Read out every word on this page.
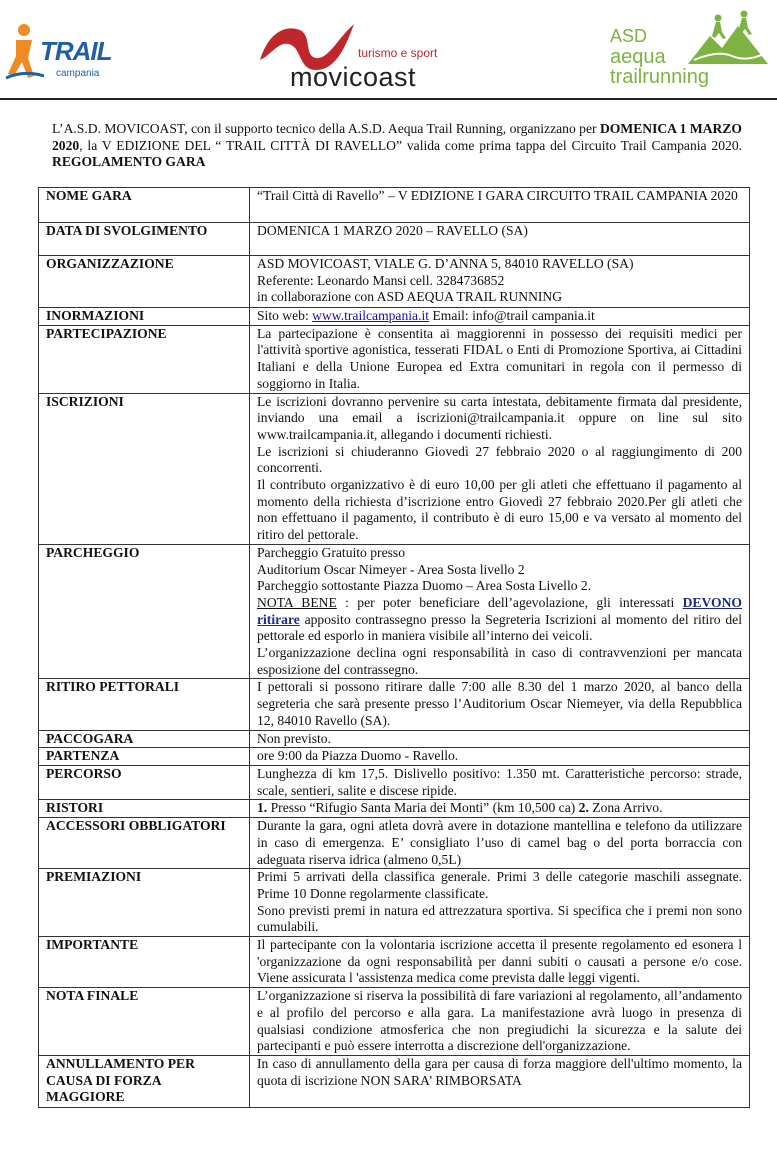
TRAIL
campania
turismo e sport
movicoast
ASD
aequa
trailrunning
L’A.S.D. MOVICOAST, con il supporto tecnico della A.S.D. Aequa Trail Running, organizzano per DOMENICA 1 MARZO 2020, la V EDIZIONE DEL “ TRAIL CITTÀ DI RAVELLO” valida come prima tappa del Circuito Trail Campania 2020. REGOLAMENTO GARA
NOME GARA	“Trail Città di Ravello” – V EDIZIONE I GARA CIRCUITO TRAIL CAMPANIA 2020
DATA DI SVOLGIMENTO	DOMENICA 1 MARZO 2020 – RAVELLO (SA)
ORGANIZZAZIONE	ASD MOVICOAST, VIALE G. D’ANNA 5, 84010 RAVELLO (SA)
Referente: Leonardo Mansi cell. 3284736852
in collaborazione con ASD AEQUA TRAIL RUNNING

INORMAZIONI	Sito web: www.trailcampania.it Email: info@trail campania.it
PARTECIPAZIONE	La partecipazione è consentita ai maggiorenni in possesso dei requisiti medici per l'attività sportive agonistica, tesserati FIDAL o Enti di Promozione Sportiva, ai Cittadini Italiani e della Unione Europea ed Extra comunitari in regola con il permesso di soggiorno in Italia.
ISCRIZIONI	Le iscrizioni dovranno pervenire su carta intestata, debitamente firmata dal presidente, inviando una email a iscrizioni@trailcampania.it oppure on line sul sito www.trailcampania.it, allegando i documenti richiesti.
Le iscrizioni si chiuderanno Giovedì 27 febbraio 2020 o al raggiungimento di 200 concorrenti.
Il contributo organizzativo è di euro 10,00 per gli atleti che effettuano il pagamento al momento della richiesta d’iscrizione entro Giovedì 27 febbraio 2020.Per gli atleti che non effettuano il pagamento, il contributo è di euro 15,00 e va versato al momento del ritiro del pettorale.

PARCHEGGIO	Parcheggio Gratuito presso
Auditorium Oscar Nimeyer - Area Sosta livello 2
Parcheggio sottostante Piazza Duomo – Area Sosta Livello 2.
NOTA BENE : per poter beneficiare dell’agevolazione, gli interessati DEVONO ritirare apposito contrassegno presso la Segreteria Iscrizioni al momento del ritiro del pettorale ed esporlo in maniera visibile all’interno dei veicoli.
L’organizzazione declina ogni responsabilità in caso di contravvenzioni per mancata esposizione del contrassegno.

RITIRO PETTORALI	I pettorali si possono ritirare dalle 7:00 alle 8.30 del 1 marzo 2020, al banco della segreteria che sarà presente presso l’Auditorium Oscar Niemeyer, via della Repubblica 12, 84010 Ravello (SA).
PACCOGARA	Non previsto.
PARTENZA	ore 9:00 da Piazza Duomo - Ravello.
PERCORSO	Lunghezza di km 17,5. Dislivello positivo: 1.350 mt. Caratteristiche percorso: strade, scale, sentieri, salite e discese ripide.
RISTORI	1. Presso “Rifugio Santa Maria dei Monti” (km 10,500 ca) 2. Zona Arrivo.
ACCESSORI OBBLIGATORI	Durante la gara, ogni atleta dovrà avere in dotazione mantellina e telefono da utilizzare in caso di emergenza. E’ consigliato l’uso di camel bag o del porta borraccia con adeguata riserva idrica (almeno 0,5L)
PREMIAZIONI	Primi 5 arrivati della classifica generale. Primi 3 delle categorie maschili assegnate. Prime 10 Donne regolarmente classificate.
Sono previsti premi in natura ed attrezzatura sportiva. Si specifica che i premi non sono cumulabili.

IMPORTANTE	Il partecipante con la volontaria iscrizione accetta il presente regolamento ed esonera l 'organizzazione da ogni responsabilità per danni subiti o causati a persone e/o cose. Viene assicurata l 'assistenza medica come prevista dalle leggi vigenti.
NOTA FINALE	L’organizzazione si riserva la possibilità di fare variazioni al regolamento, all’andamento e al profilo del percorso e alla gara. La manifestazione avrà luogo in presenza di qualsiasi condizione atmosferica che non pregiudichi la sicurezza e la salute dei partecipanti e può essere interrotta a discrezione dell'organizzazione.
ANNULLAMENTO PER CAUSA DI FORZA MAGGIORE	In caso di annullamento della gara per causa di forza maggiore dell'ultimo momento, la quota di iscrizione NON SARA’ RIMBORSATA
